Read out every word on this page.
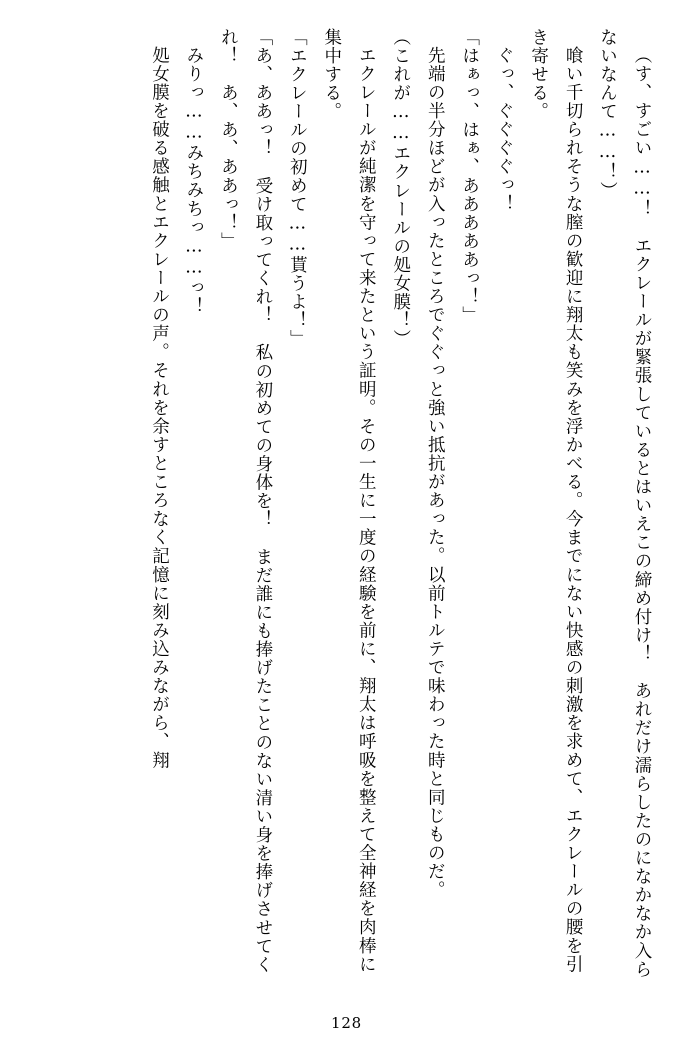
（す、すごい……！　エクレールが緊張しているとはいえこの締め付け！　あれだけ濡らしたのになかなか入らないなんて……！）

喰い千切られそうな膣の歓迎に翔太も笑みを浮かべる。今までにない快感の刺激を求めて、エクレールの腰を引き寄せる。

ぐっ、ぐぐぐぐっ！

「はぁっ、はぁ、あああああっ！」

先端の半分ほどが入ったところでぐぐっと強い抵抗があった。以前トルテで味わった時と同じものだ。

（これが……エクレールの処女膜！）

エクレールが純潔を守って来たという証明。その一生に一度の経験を前に、翔太は呼吸を整えて全神経を肉棒に集中する。

「エクレールの初めて……貰うよ！」

「あ、ああっ！　受け取ってくれ！　私の初めての身体を！　まだ誰にも捧げたことのない清い身を捧げさせてくれ！　あ、あ、ああっ！」

みりっ……みちみちっ……っ！

処女膜を破る感触とエクレールの声。それを余すところなく記憶に刻み込みながら、翔

128
